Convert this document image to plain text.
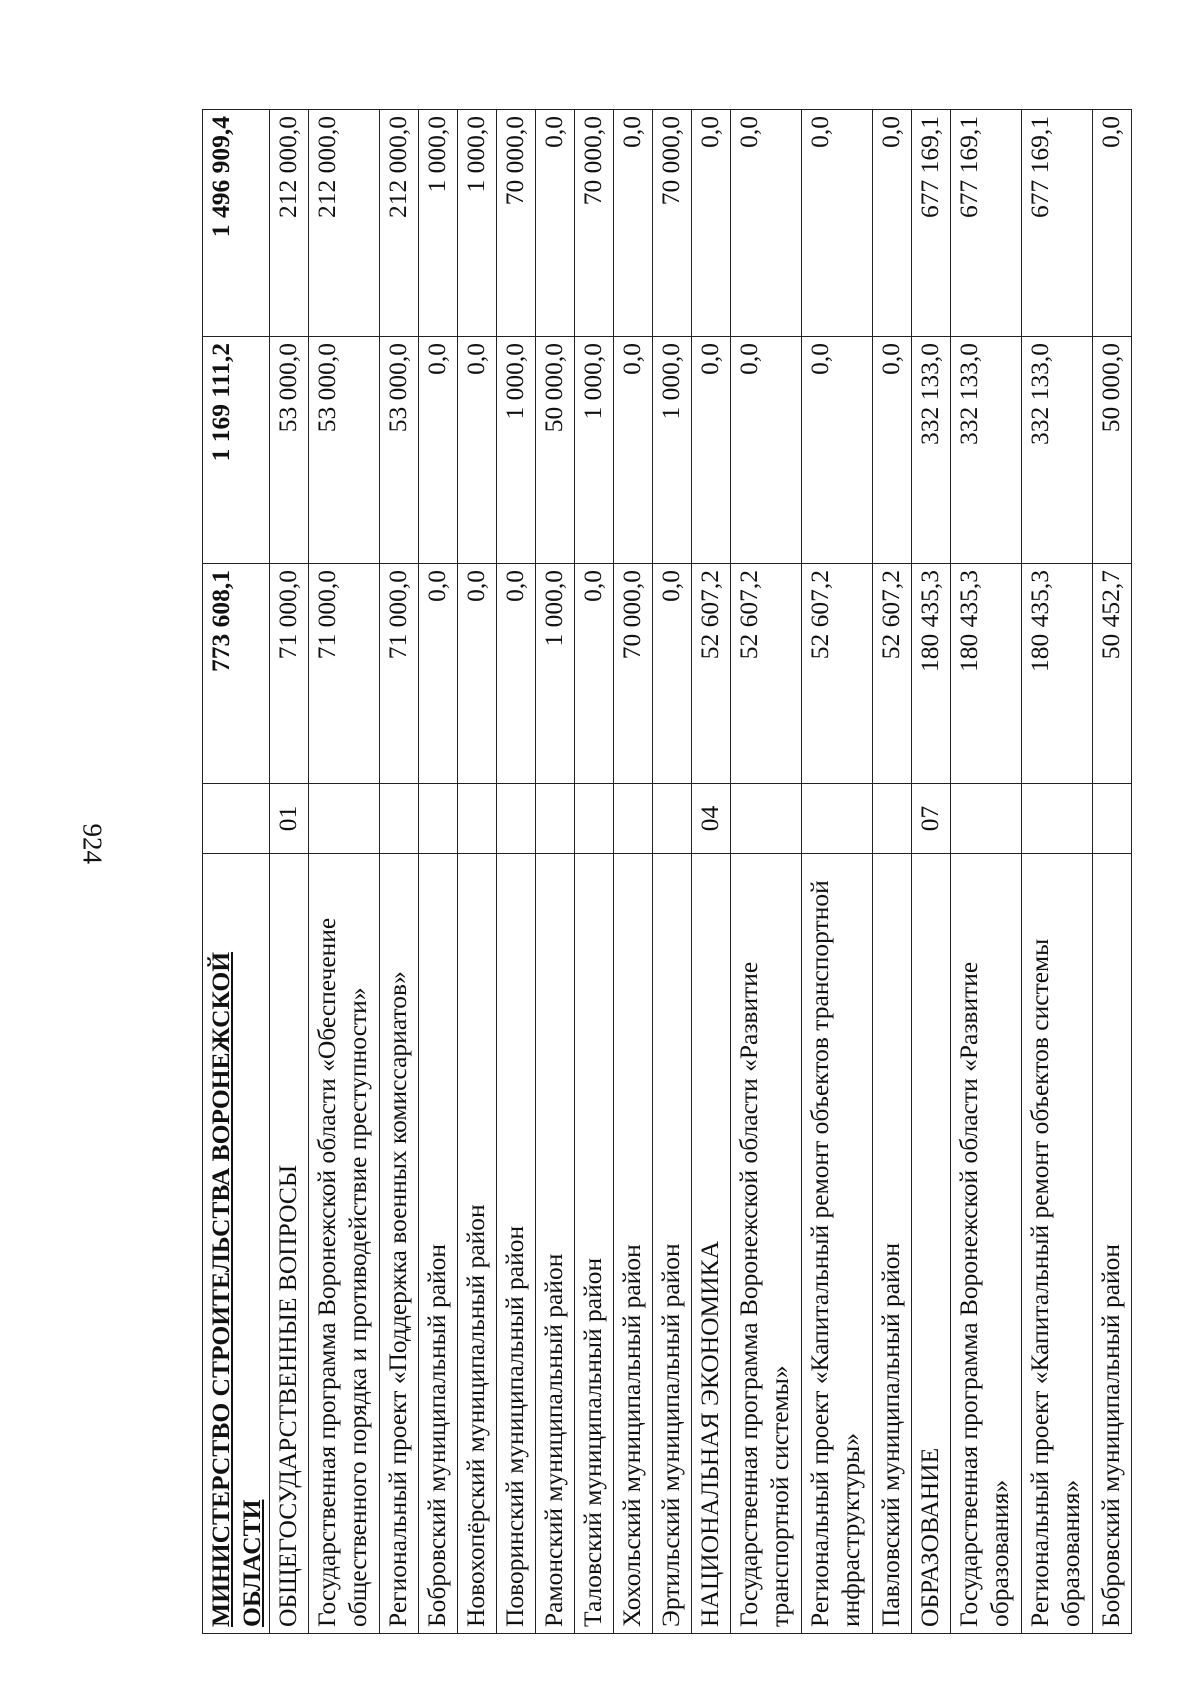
924
МИНИСТЕРСТВО СТРОИТЕЛЬСТВА ВОРОНЕЖСКОЙ ОБЛАСТИ		773 608,1	1 169 111,2	1 496 909,4
ОБЩЕГОСУДАРСТВЕННЫЕ ВОПРОСЫ	01	71 000,0	53 000,0	212 000,0
Государственная программа Воронежской области «Обеспечение общественного порядка и противодействие преступности»		71 000,0	53 000,0	212 000,0
Региональный проект «Поддержка военных комиссариатов»		71 000,0	53 000,0	212 000,0
Бобровский муниципальный район		0,0	0,0	1 000,0
Новохопёрский муниципальный район		0,0	0,0	1 000,0
Поворинский муниципальный район		0,0	1 000,0	70 000,0
Рамонский муниципальный район		1 000,0	50 000,0	0,0
Таловский муниципальный район		0,0	1 000,0	70 000,0
Хохольский муниципальный район		70 000,0	0,0	0,0
Эртильский муниципальный район		0,0	1 000,0	70 000,0
НАЦИОНАЛЬНАЯ ЭКОНОМИКА	04	52 607,2	0,0	0,0
Государственная программа Воронежской области «Развитие транспортной системы»		52 607,2	0,0	0,0
Региональный проект «Капитальный ремонт объектов транспортной инфраструктуры»		52 607,2	0,0	0,0
Павловский муниципальный район		52 607,2	0,0	0,0
ОБРАЗОВАНИЕ	07	180 435,3	332 133,0	677 169,1
Государственная программа Воронежской области «Развитие образования»		180 435,3	332 133,0	677 169,1
Региональный проект «Капитальный ремонт объектов системы образования»		180 435,3	332 133,0	677 169,1
Бобровский муниципальный район		50 452,7	50 000,0	0,0
